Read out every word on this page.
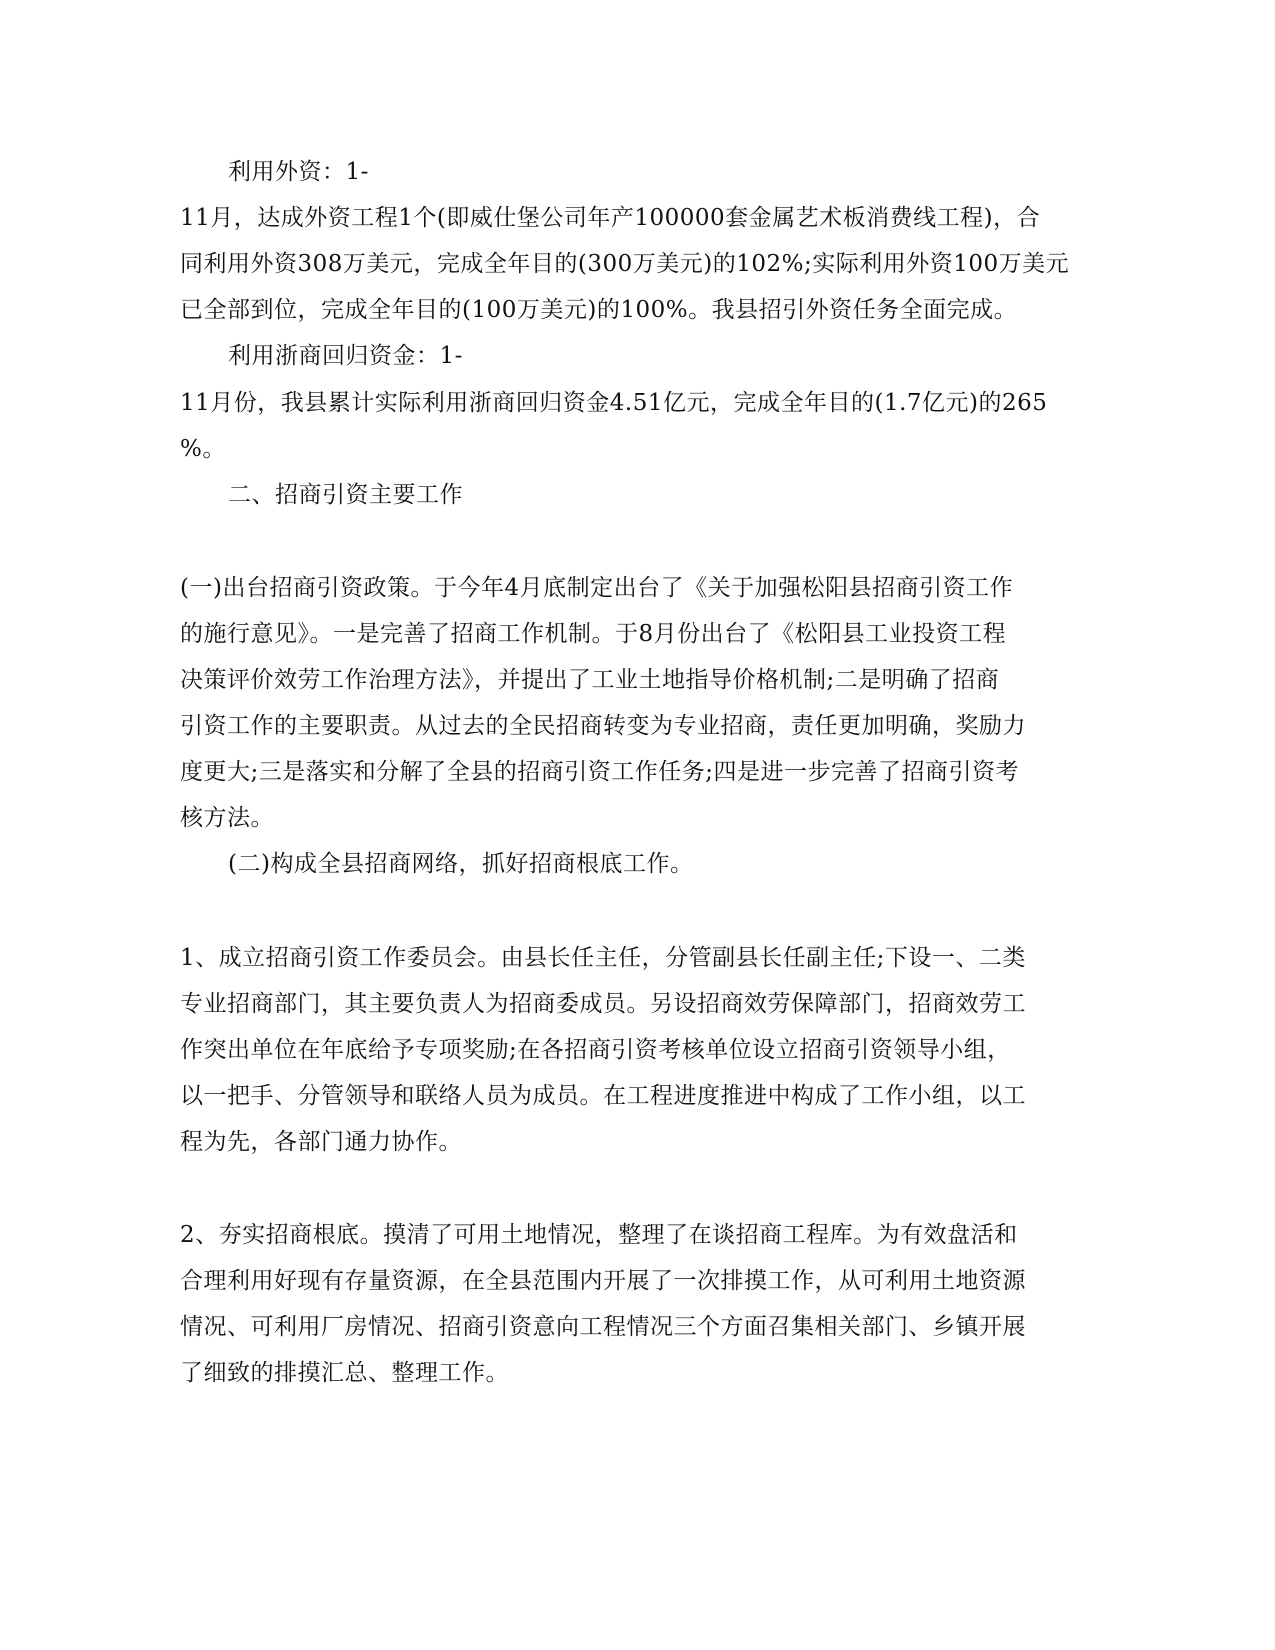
利用外资：1-
11月，达成外资工程1个(即威仕堡公司年产100000套金属艺术板消费线工程)，合
同利用外资308万美元，完成全年目的(300万美元)的102%;实际利用外资100万美元
已全部到位，完成全年目的(100万美元)的100%。我县招引外资任务全面完成。
利用浙商回归资金：1-
11月份，我县累计实际利用浙商回归资金4.51亿元，完成全年目的(1.7亿元)的265
%。
二、招商引资主要工作
(一)出台招商引资政策。于今年4月底制定出台了《关于加强松阳县招商引资工作
的施行意见》。一是完善了招商工作机制。于8月份出台了《松阳县工业投资工程
决策评价效劳工作治理方法》，并提出了工业土地指导价格机制;二是明确了招商
引资工作的主要职责。从过去的全民招商转变为专业招商，责任更加明确，奖励力
度更大;三是落实和分解了全县的招商引资工作任务;四是进一步完善了招商引资考
核方法。
(二)构成全县招商网络，抓好招商根底工作。
1、成立招商引资工作委员会。由县长任主任，分管副县长任副主任;下设一、二类
专业招商部门，其主要负责人为招商委成员。另设招商效劳保障部门，招商效劳工
作突出单位在年底给予专项奖励;在各招商引资考核单位设立招商引资领导小组，
以一把手、分管领导和联络人员为成员。在工程进度推进中构成了工作小组，以工
程为先，各部门通力协作。
2、夯实招商根底。摸清了可用土地情况，整理了在谈招商工程库。为有效盘活和
合理利用好现有存量资源，在全县范围内开展了一次排摸工作，从可利用土地资源
情况、可利用厂房情况、招商引资意向工程情况三个方面召集相关部门、乡镇开展
了细致的排摸汇总、整理工作。
